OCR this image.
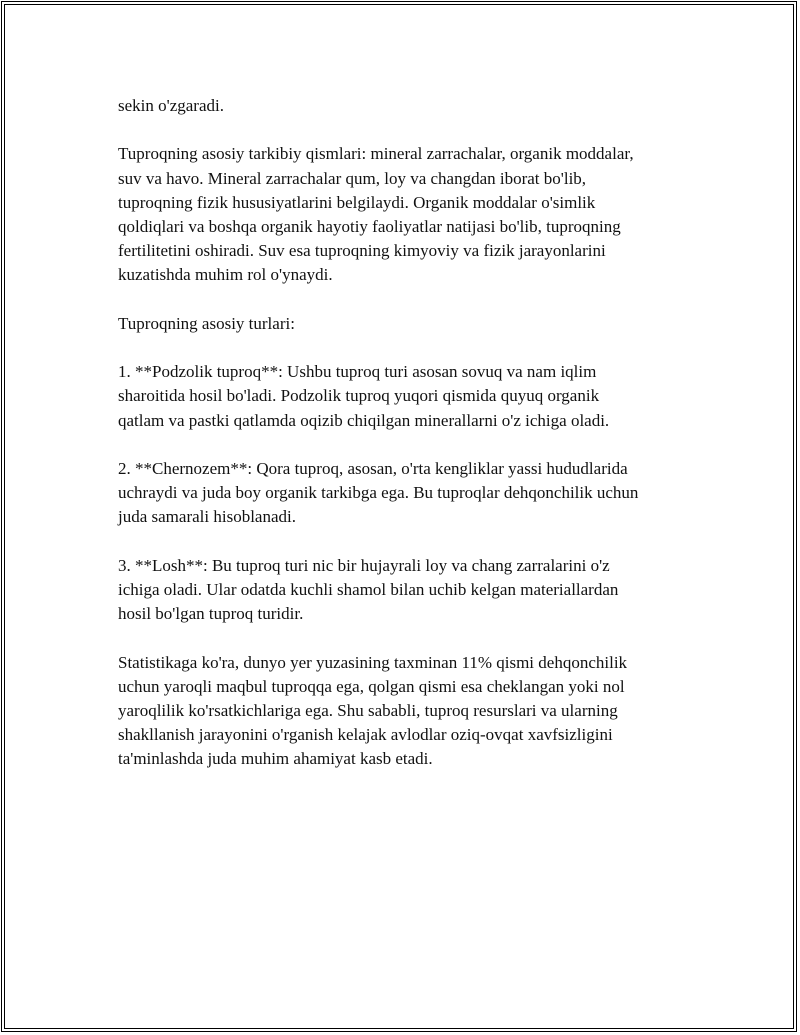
sekin o'zgaradi.

Tuproqning asosiy tarkibiy qismlari: mineral zarrachalar, organik moddalar,
suv va havo. Mineral zarrachalar qum, loy va changdan iborat bo'lib,
tuproqning fizik hususiyatlarini belgilaydi. Organik moddalar o'simlik
qoldiqlari va boshqa organik hayotiy faoliyatlar natijasi bo'lib, tuproqning
fertilitetini oshiradi. Suv esa tuproqning kimyoviy va fizik jarayonlarini
kuzatishda muhim rol o'ynaydi.

Tuproqning asosiy turlari:

1. **Podzolik tuproq**: Ushbu tuproq turi asosan sovuq va nam iqlim
sharoitida hosil bo'ladi. Podzolik tuproq yuqori qismida quyuq organik
qatlam va pastki qatlamda oqizib chiqilgan minerallarni o'z ichiga oladi.

2. **Chernozem**: Qora tuproq, asosan, o'rta kengliklar yassi hududlarida
uchraydi va juda boy organik tarkibga ega. Bu tuproqlar dehqonchilik uchun
juda samarali hisoblanadi.

3. **Losh**: Bu tuproq turi nic bir hujayrali loy va chang zarralarini o'z
ichiga oladi. Ular odatda kuchli shamol bilan uchib kelgan materiallardan
hosil bo'lgan tuproq turidir.

Statistikaga ko'ra, dunyo yer yuzasining taxminan 11% qismi dehqonchilik
uchun yaroqli maqbul tuproqqa ega, qolgan qismi esa cheklangan yoki nol
yaroqlilik ko'rsatkichlariga ega. Shu sababli, tuproq resurslari va ularning
shakllanish jarayonini o'rganish kelajak avlodlar oziq-ovqat xavfsizligini
ta'minlashda juda muhim ahamiyat kasb etadi.
